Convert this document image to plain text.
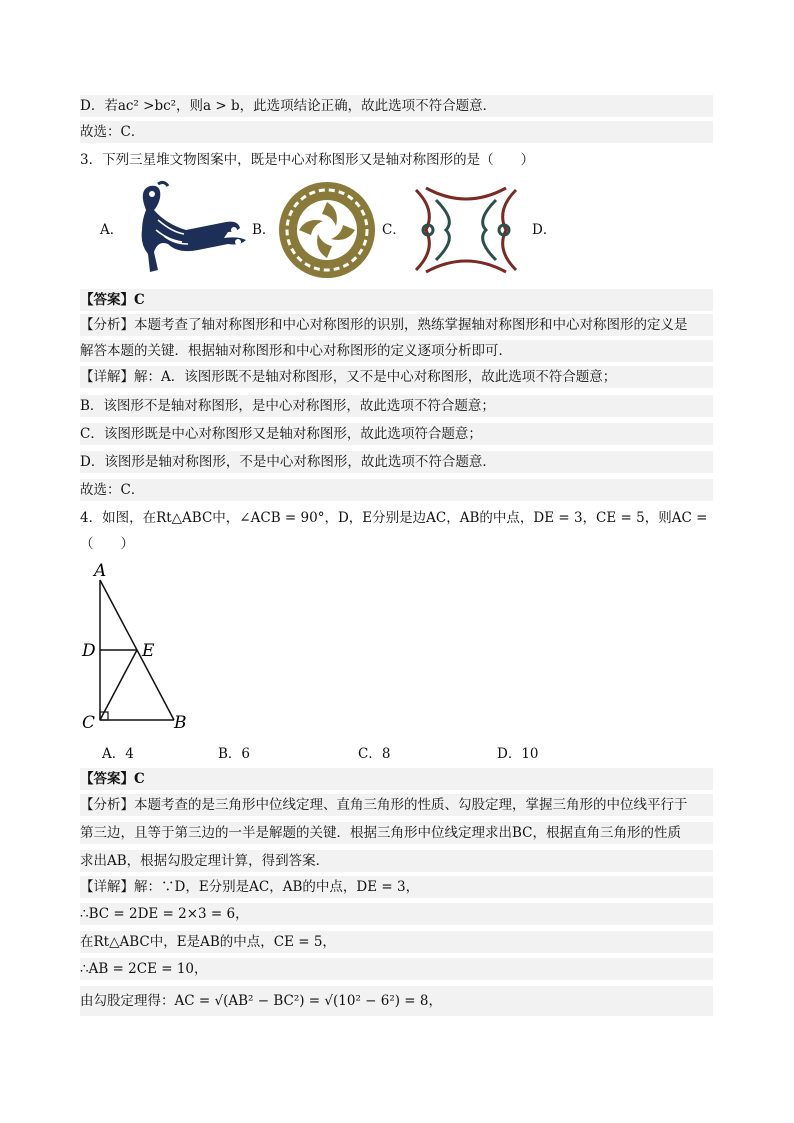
D．若ac² >bc²，则a > b，此选项结论正确，故此选项不符合题意．
故选：C．
3．下列三星堆文物图案中，既是中心对称图形又是轴对称图形的是（　　）
A．	B．	C．	D．
【答案】C
【分析】本题考查了轴对称图形和中心对称图形的识别，熟练掌握轴对称图形和中心对称图形的定义是
解答本题的关键．根据轴对称图形和中心对称图形的定义逐项分析即可．
【详解】解：A．该图形既不是轴对称图形，又不是中心对称图形，故此选项不符合题意；
B．该图形不是轴对称图形，是中心对称图形，故此选项不符合题意；
C．该图形既是中心对称图形又是轴对称图形，故此选项符合题意；
D．该图形是轴对称图形，不是中心对称图形，故此选项不符合题意．
故选：C．
4．如图，在Rt△ABC中，∠ACB = 90°，D，E分别是边AC，AB的中点，DE = 3，CE = 5，则AC =
（　　）
A
D	E
C	B
A．4	B．6	C．8	D．10
【答案】C
【分析】本题考查的是三角形中位线定理、直角三角形的性质、勾股定理，掌握三角形的中位线平行于
第三边，且等于第三边的一半是解题的关键．根据三角形中位线定理求出BC，根据直角三角形的性质
求出AB，根据勾股定理计算，得到答案．
【详解】解：∵D，E分别是AC，AB的中点，DE = 3，
∴BC = 2DE = 2×3 = 6，
在Rt△ABC中，E是AB的中点，CE = 5，
∴AB = 2CE = 10，
由勾股定理得：AC = √(AB² − BC²) = √(10² − 6²) = 8，
